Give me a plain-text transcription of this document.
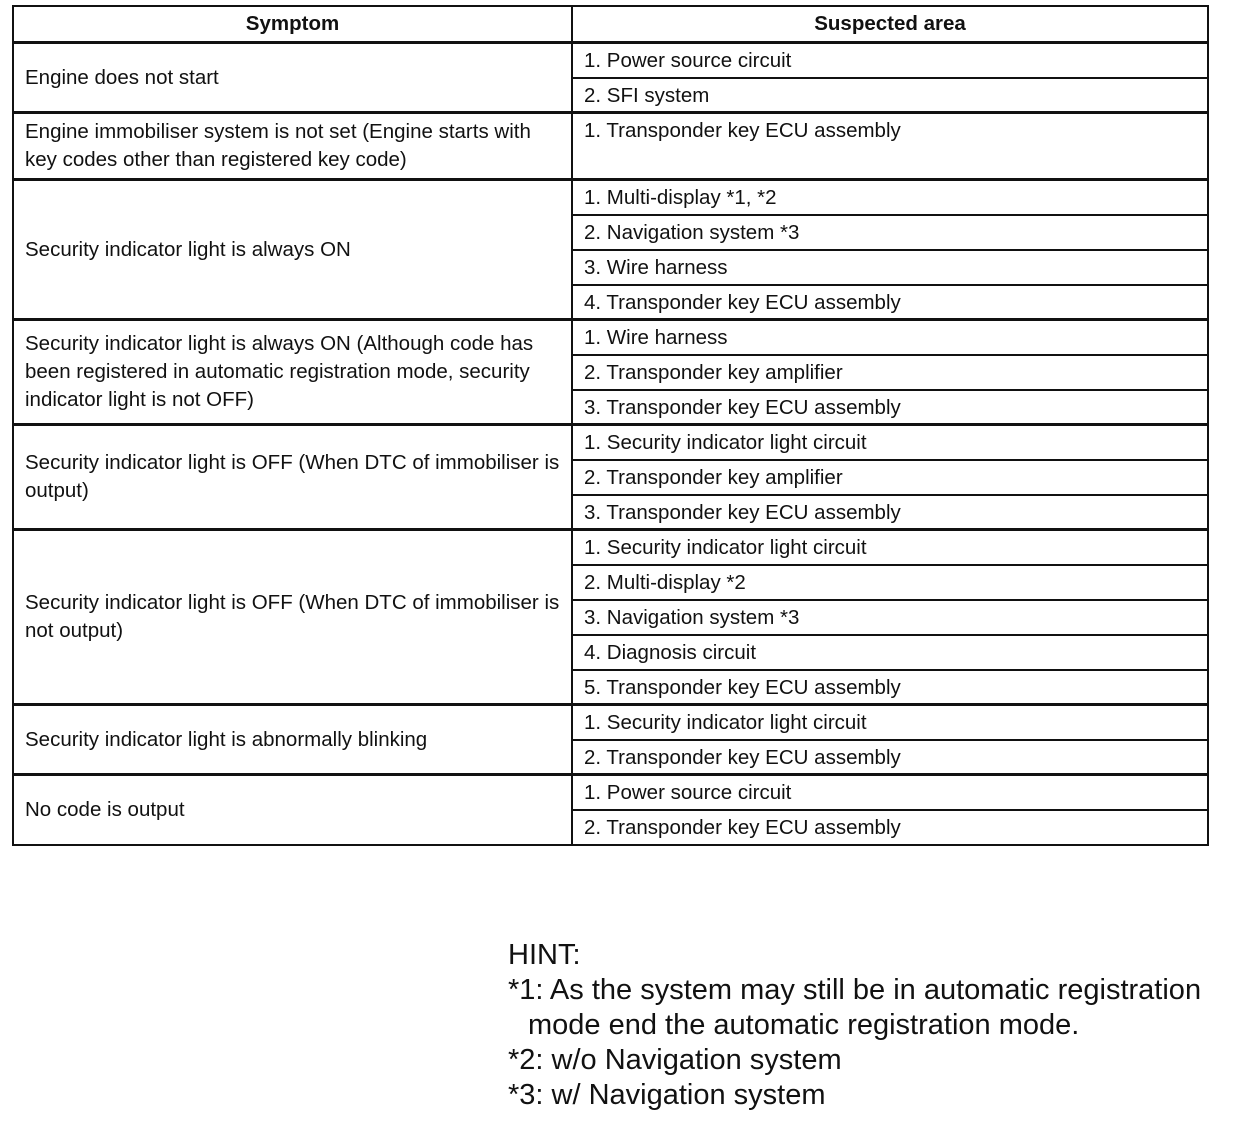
Symptom	Suspected area
Engine does not start	1. Power source circuit
	2. SFI system
Engine immobiliser system is not set (Engine starts with key codes other than registered key code)	1. Transponder key ECU assembly
Security indicator light is always ON	1. Multi-display *1, *2
	2. Navigation system *3
	3. Wire harness
	4. Transponder key ECU assembly
Security indicator light is always ON (Although code has been registered in automatic registration mode, security indicator light is not OFF)	1. Wire harness
	2. Transponder key amplifier
	3. Transponder key ECU assembly
Security indicator light is OFF (When DTC of immobiliser is output)	1. Security indicator light circuit
	2. Transponder key amplifier
	3. Transponder key ECU assembly
Security indicator light is OFF (When DTC of immobiliser is not output)	1. Security indicator light circuit
	2. Multi-display *2
	3. Navigation system *3
	4. Diagnosis circuit
	5. Transponder key ECU assembly
Security indicator light is abnormally blinking	1. Security indicator light circuit
	2. Transponder key ECU assembly
No code is output	1. Power source circuit
	2. Transponder key ECU assembly
HINT:
*1: As the system may still be in automatic registration
mode end the automatic registration mode.
*2: w/o Navigation system
*3: w/ Navigation system
